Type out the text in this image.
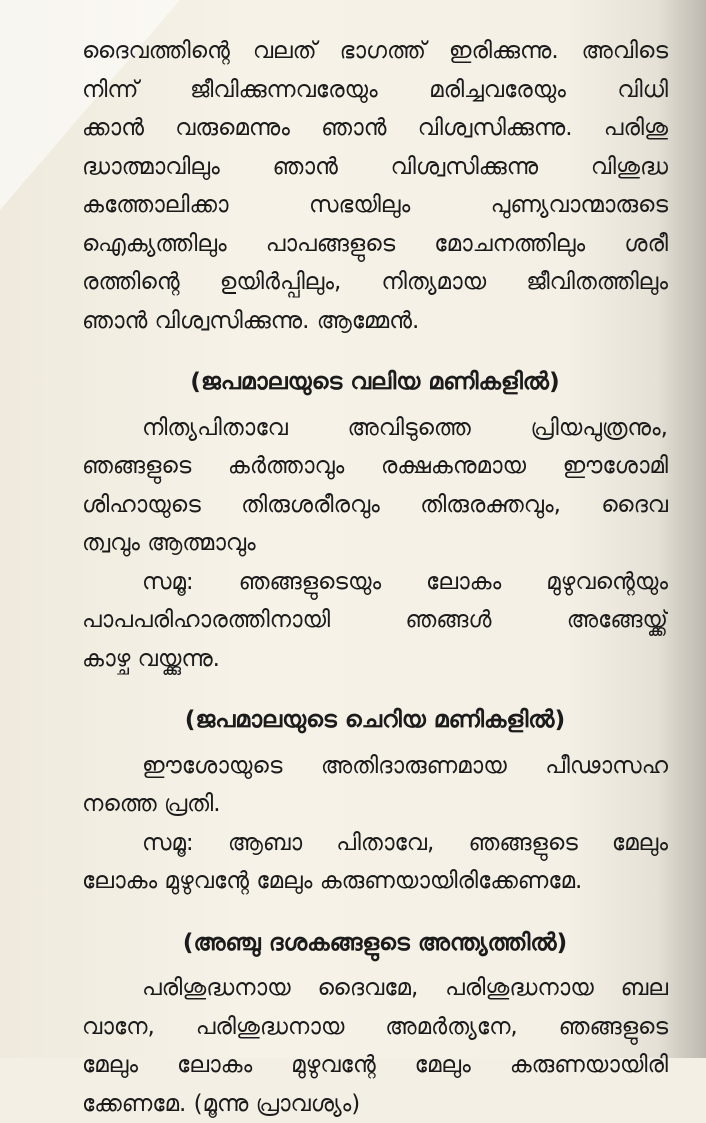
ദൈവത്തിന്റെ വലത് ഭാഗത്ത് ഇരിക്കുന്നു. അവിടെ
നിന്ന് ജീവിക്കുന്നവരേയും മരിച്ചവരേയും വിധി
ക്കാൻ വരുമെന്നും ഞാൻ വിശ്വസിക്കുന്നു. പരിശു
ദ്ധാത്മാവിലും ഞാൻ വിശ്വസിക്കുന്നു വിശുദ്ധ
കത്തോലിക്കാ സഭയിലും പുണ്യവാന്മാരുടെ
ഐക്യത്തിലും പാപങ്ങളുടെ മോചനത്തിലും ശരീ
രത്തിന്റെ ഉയിർപ്പിലും, നിത്യമായ ജീവിതത്തിലും
ഞാൻ വിശ്വസിക്കുന്നു. ആമ്മേൻ.
(ജപമാലയുടെ വലിയ മണികളിൽ)
നിത്യപിതാവേ അവിടുത്തെ പ്രിയപുത്രനും,
ഞങ്ങളുടെ കർത്താവും രക്ഷകനുമായ ഈശോമി
ശിഹായുടെ തിരുശരീരവും തിരുരക്തവും, ദൈവ
ത്വവും ആത്മാവും
സമൂ: ഞങ്ങളുടെയും ലോകം മുഴുവന്റെയും
പാപപരിഹാരത്തിനായി ഞങ്ങൾ അങ്ങേയ്ക്ക്
കാഴ്ച വയ്ക്കുന്നു.
(ജപമാലയുടെ ചെറിയ മണികളിൽ)
ഈശോയുടെ അതിദാരുണമായ പീഢാസഹ
നത്തെ പ്രതി.
സമൂ: ആബാ പിതാവേ, ഞങ്ങളുടെ മേലും
ലോകം മുഴുവന്റേ മേലും കരുണയായിരിക്കേണമേ.
(അഞ്ചു ദശകങ്ങളുടെ അന്ത്യത്തിൽ)
പരിശുദ്ധനായ ദൈവമേ, പരിശുദ്ധനായ ബല
വാനേ, പരിശുദ്ധനായ അമർത്യനേ, ഞങ്ങളുടെ
മേലും ലോകം മുഴുവന്റേ മേലും കരുണയായിരി
ക്കേണമേ. (മൂന്നു പ്രാവശ്യം)
